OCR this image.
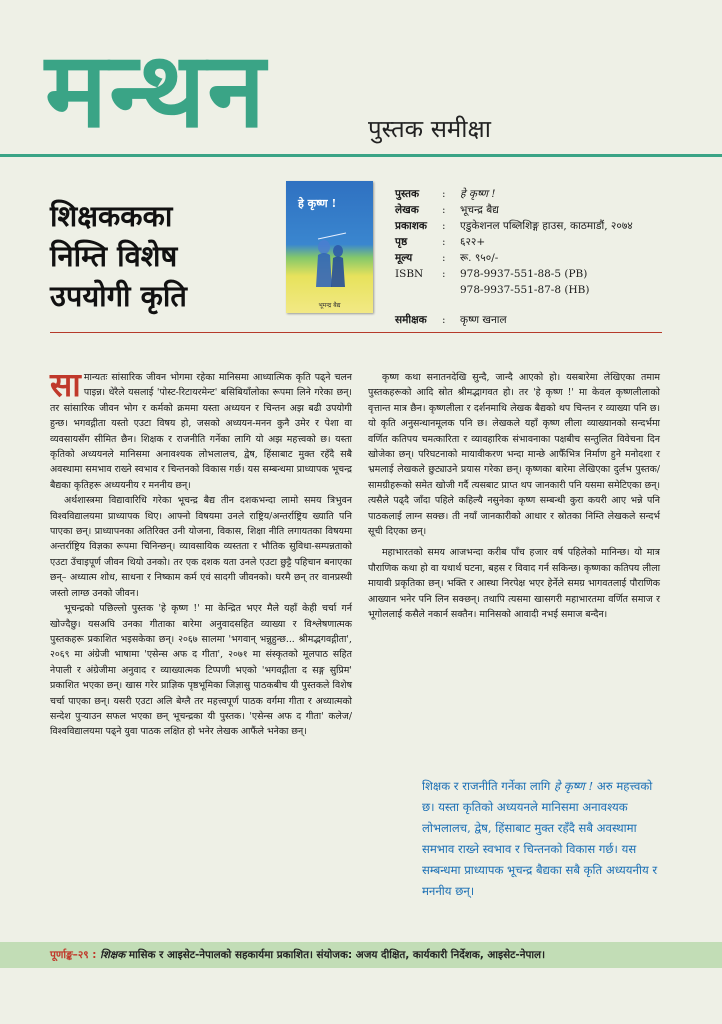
मन्थन	पुस्तक समीक्षा
शिक्षककका
निम्ति विशेष
उपयोगी कृति
हे कृष्ण !
भूमन्द्र बैद्य
पुस्तक	:	हे कृष्ण !
लेखक	:	भूचन्द्र बैद्य
प्रकाशक	:	एडुकेशनल पब्लिशिङ्ग हाउस, काठमाडौं, २०७४
पृष्ठ	:	६२२+
मूल्य	:	रू. ९५०/-
ISBN	:	978-9937-551-88-5 (PB)
978-9937-551-87-8 (HB)
समीक्षक	:	कृष्ण खनाल

सामान्यतः सांसारिक जीवन भोगमा रहेका मानिसमा आध्यात्मिक कृति पढ्ने चलन पाइन्न। धेरैले यसलाई 'पोस्ट-रिटायरमेन्ट' बसिबियाँलोका रूपमा लिने गरेका छन्। तर सांसारिक जीवन भोग र कर्मको क्रममा यस्ता अध्ययन र चिन्तन अझ बढी उपयोगी हुन्छ। भगवद्गीता यस्तो एउटा विषय हो, जसको अध्ययन-मनन कुनै उमेर र पेशा वा व्यवसायसँग सीमित छैन। शिक्षक र राजनीति गर्नेका लागि यो अझ महत्त्वको छ। यस्ता कृतिको अध्ययनले मानिसमा अनावश्यक लोभलालच, द्वेष, हिंसाबाट मुक्त रहँदै सबै अवस्थामा समभाव राख्ने स्वभाव र चिन्तनको विकास गर्छ। यस सम्बन्धमा प्राध्यापक भूचन्द्र बैद्यका कृतिहरू अध्ययनीय र मननीय छन्।

अर्थशास्त्रमा विद्यावारिधि गरेका भूचन्द्र बैद्य तीन दशकभन्दा लामो समय त्रिभुवन विश्वविद्यालयमा प्राध्यापक थिए। आफ्नो विषयमा उनले राष्ट्रिय/अन्तर्राष्ट्रिय ख्याति पनि पाएका छन्। प्राध्यापनका अतिरिक्त उनी योजना, विकास, शिक्षा नीति लगायतका विषयमा अन्तर्राष्ट्रिय विज्ञका रूपमा चिनिन्छन्। व्यावसायिक व्यस्तता र भौतिक सुविधा-सम्पन्नताको एउटा उँचाइपूर्ण जीवन थियो उनको। तर एक दशक यता उनले एउटा छुट्टै पहिचान बनाएका छन्– अध्यात्म शोध, साधना र निष्काम कर्म एवं सादगी जीवनको। घरमै छन् तर वानप्रस्थी जस्तो लाग्छ उनको जीवन।

भूचन्द्रको पछिल्लो पुस्तक 'हे कृष्ण !' मा केन्द्रित भएर मैले यहाँ केही चर्चा गर्न खोज्दैछु। यसअघि उनका गीताका बारेमा अनुवादसहित व्याख्या र विश्लेषणात्मक पुस्तकहरू प्रकाशित भइसकेका छन्। २०६७ सालमा 'भगवान् भन्नुहुन्छ... श्रीमद्भगवद्गीता', २०६९ मा अंग्रेजी भाषामा 'एसेन्स अफ द गीता', २०७१ मा संस्कृतको मूलपाठ सहित नेपाली र अंग्रेजीमा अनुवाद र व्याख्यात्मक टिप्पणी भएको 'भगवद्गीता द सङ्ग सुप्रिम' प्रकाशित भएका छन्। खास गरेर प्राज्ञिक पृष्ठभूमिका जिज्ञासु पाठकबीच यी पुस्तकले विशेष चर्चा पाएका छन्। यसरी एउटा अलि बेग्लै तर महत्त्वपूर्ण पाठक वर्गमा गीता र अध्यात्मको सन्देश पुऱ्याउन सफल भएका छन् भूचन्द्रका यी पुस्तक। 'एसेन्स अफ द गीता' कलेज/विश्वविद्यालयमा पढ्ने युवा पाठक लक्षित हो भनेर लेखक आफैंले भनेका छन्।

कृष्ण कथा सनातनदेखि सुन्दै, जान्दै आएको हो। यसबारेमा लेखिएका तमाम पुस्तकहरूको आदि स्रोत श्रीमद्भागवत हो। तर 'हे कृष्ण !' मा केवल कृष्णलीलाको वृत्तान्त मात्र छैन। कृष्णलीला र दर्शनमाथि लेखक बैद्यको थप चिन्तन र व्याख्या पनि छ। यो कृति अनुसन्धानमूलक पनि छ। लेखकले यहाँ कृष्ण लीला व्याख्यानको सन्दर्भमा वर्णित कतिपय चमत्कारिता र व्यावहारिक संभावनाका पक्षबीच सन्तुलित विवेचना दिन खोजेका छन्। परिघटनाको मायावीकरण भन्दा मान्छे आफैँभित्र निर्माण हुने मनोदशा र भ्रमलाई लेखकले छुट्याउने प्रयास गरेका छन्। कृष्णका बारेमा लेखिएका दुर्लभ पुस्तक/सामग्रीहरूको समेत खोजी गर्दै त्यसबाट प्राप्त थप जानकारी पनि यसमा समेटिएका छन्। त्यसैले पढ्दै जाँदा पहिले कहिल्यै नसुनेका कृष्ण सम्बन्धी कुरा कयरी आए भन्ने पनि पाठकलाई लाग्न सक्छ। ती नयाँ जानकारीको आधार र स्रोतका निम्ति लेखकले सन्दर्भ सूची दिएका छन्।

महाभारतको समय आजभन्दा करीब पाँच हजार वर्ष पहिलेको मानिन्छ। यो मात्र पौराणिक कथा हो वा यथार्थ घटना, बहस र विवाद गर्न सकिन्छ। कृष्णका कतिपय लीला मायावी प्रकृतिका छन्। भक्ति र आस्था निरपेक्ष भएर हेर्नेले समग्र भागवतलाई पौराणिक आख्यान भनेर पनि लिन सक्छन्। तथापि त्यसमा खासगरी महाभारतमा वर्णित समाज र भूगोललाई कसैले नकार्न सक्तैन। मानिसको आवादी नभई समाज बन्दैन।

शिक्षक र राजनीति गर्नेका लागि हे कृष्ण ! अरु महत्त्वको छ। यस्ता कृतिको अध्ययनले मानिसमा अनावश्यक लोभलालच, द्वेष, हिंसाबाट मुक्त रहँदै सबै अवस्थामा समभाव राख्ने स्वभाव र चिन्तनको विकास गर्छ। यस सम्बन्धमा प्राध्यापक भूचन्द्र बैद्यका सबै कृति अध्ययनीय र मननीय छन्।
पूर्णाङ्क–२९ : शिक्षक मासिक र आइसेट-नेपालको सहकार्यमा प्रकाशित। संयोजक: अजय दीक्षित, कार्यकारी निर्देशक, आइसेट-नेपाल।
